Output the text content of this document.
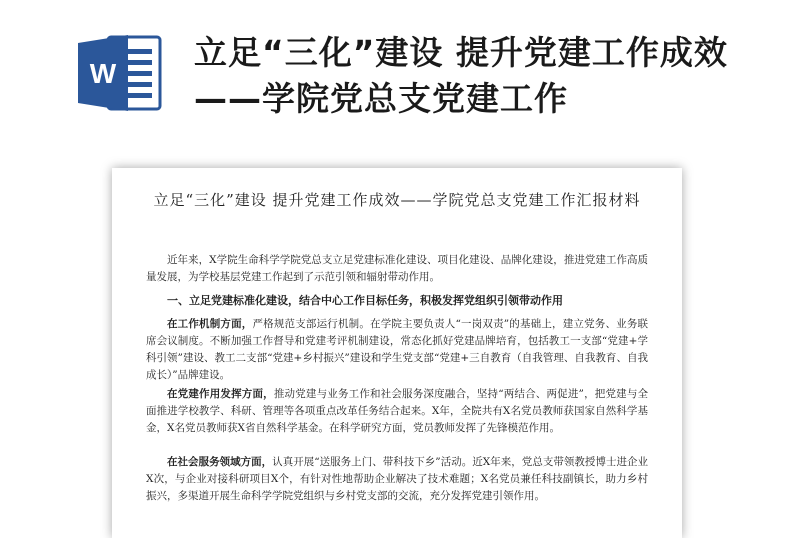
W
立足“三化”建设 提升党建工作成效——学院党总支党建工作
立足“三化”建设 提升党建工作成效——学院党总支党建工作汇报材料

近年来，X学院生命科学学院党总支立足党建标准化建设、项目化建设、品牌化建设，推进党建工作高质量发展，为学校基层党建工作起到了示范引领和辐射带动作用。

一、立足党建标准化建设，结合中心工作目标任务，积极发挥党组织引领带动作用

在工作机制方面，严格规范支部运行机制。在学院主要负责人“一岗双责”的基础上，建立党务、业务联席会议制度。不断加强工作督导和党建考评机制建设，常态化抓好党建品牌培育，包括教工一支部“党建+学科引领”建设、教工二支部“党建+乡村振兴”建设和学生党支部“党建+三自教育（自我管理、自我教育、自我成长）”品牌建设。

在党建作用发挥方面，推动党建与业务工作和社会服务深度融合，坚持“两结合、两促进”，把党建与全面推进学校教学、科研、管理等各项重点改革任务结合起来。X年，全院共有X名党员教师获国家自然科学基金，X名党员教师获X省自然科学基金。在科学研究方面，党员教师发挥了先锋模范作用。

在社会服务领域方面，认真开展“送服务上门、带科技下乡”活动。近X年来，党总支带领教授博士进企业X次，与企业对接科研项目X个，有针对性地帮助企业解决了技术难题；X名党员兼任科技副镇长，助力乡村振兴，多渠道开展生命科学学院党组织与乡村党支部的交流，充分发挥党建引领作用。
